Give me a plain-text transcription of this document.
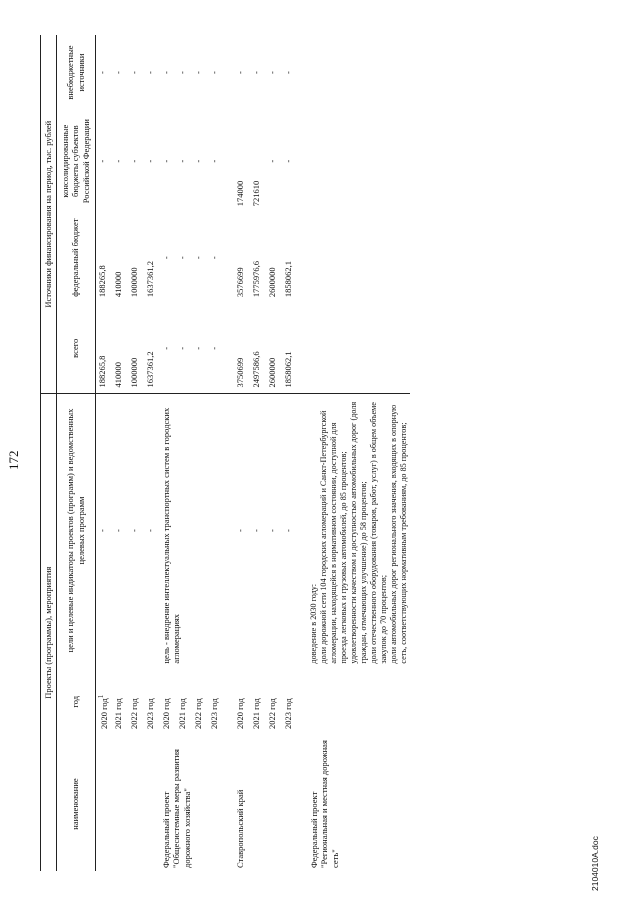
172
Проекты (программы), мероприятия			Источники финансирования на период, тыс. рублей			
наименование	год	цели и целевые индикаторы проектов (программ) и ведомственных целевых программ	всего	федеральный бюджет	консолидированные бюджеты субъектов Российской Федерации	внебюджетные источники
	2020 год$^1$	-	188265,8	188265,8	-	-
	2021 год	-	410000	410000	-	-
	2022 год	-	1000000	1000000	-	-
	2023 год	-	1637361,2	1637361,2	-	-
Федеральный проект "Общесистемные меры развития дорожного хозяйства"	2020 год	цель - внедрение интеллектуальных транспортных систем в городских агломерациях	-	-	-	-
	2021 год		-	-	-	-
	2022 год		-	-	-	-
	2023 год		-	-	-	-

Ставропольский край	2020 год	-	3750699	3576699	174000	-
	2021 год	-	2497586,6	1775976,6	721610	-
	2022 год	-	2600000	2600000	-	-
	2023 год	-	1858062,1	1858062,1	-	-

Федеральный проект "Региональная и местная дорожная сеть"		доведение в 2030 году: доли дорожной сети 104 городских агломераций и Санкт-Петербургской агломерации, находящейся в нормативном состоянии, доступной для проезда легковых и грузовых автомобилей, до 85 процентов; удовлетворенности качеством и доступностью автомобильных дорог (доля граждан, отмечающих улучшение) до 58 процентов; доли отечественного оборудования (товаров, работ, услуг) в общем объеме закупок до 70 процентов; доли автомобильных дорог регионального значения, входящих в опорную сеть, соответствующих нормативным требованиям, до 85 процентов;				

2104010А.doc
